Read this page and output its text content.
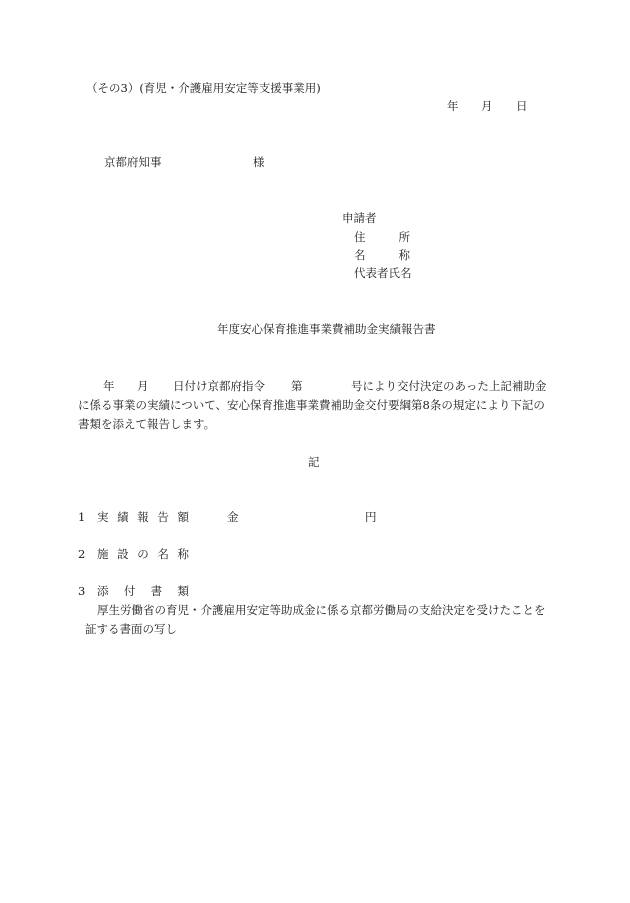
（その3）(育児・介護雇用安定等支援事業用)
年 月 日
京都府知事	様
申請者
住	所
名	称
代表者氏名
年度安心保育推進事業費補助金実績報告書
年 月 日付け京都府指令 第	号により交付決定のあった上記補助金
に係る事業の実績について、安心保育推進事業費補助金交付要綱第8条の規定により下記の
書類を添えて報告します。
記
1 実 績 報 告 額	金	円
2 施 設 の 名 称
3 添 付 書 類
厚生労働省の育児・介護雇用安定等助成金に係る京都労働局の支給決定を受けたことを
証する書面の写し
